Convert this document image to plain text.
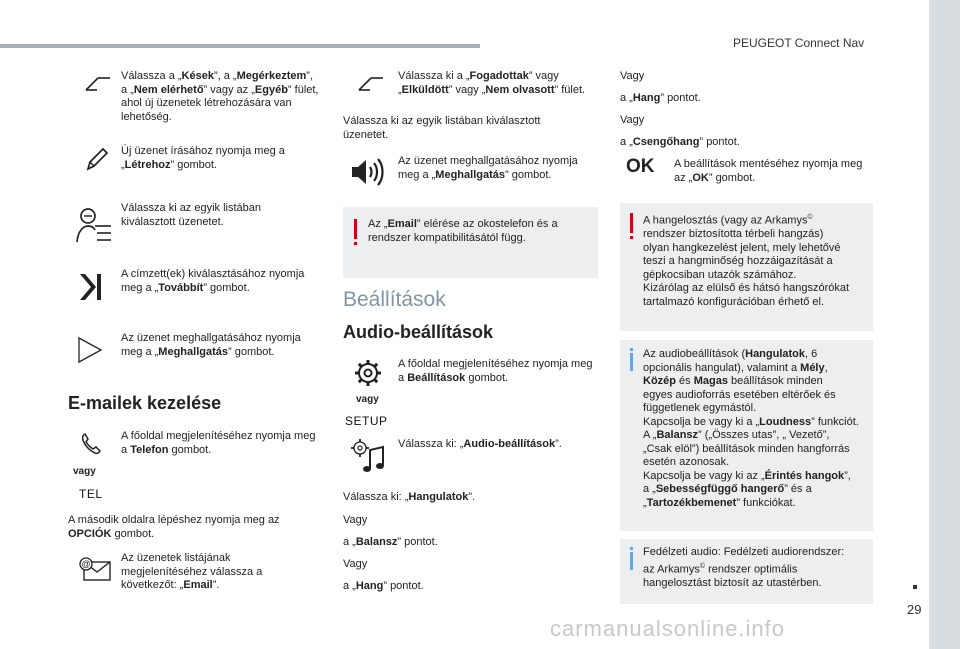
PEUGEOT Connect Nav
29
carmanualsonline.info
Válassza a „Kések”, a „Megérkeztem”, a „Nem elérhető” vagy az „Egyéb” fület, ahol új üzenetek létrehozására van lehetőség.
Új üzenet írásához nyomja meg a „Létrehoz” gombot.
Válassza ki az egyik listában kiválasztott üzenetet.
A címzett(ek) kiválasztásához nyomja meg a „Továbbít” gombot.
Az üzenet meghallgatásához nyomja meg a „Meghallgatás” gombot.
E-mailek kezelése
vagy
TEL
A főoldal megjelenítéséhez nyomja meg a Telefon gombot.
A második oldalra lépéshez nyomja meg az OPCIÓK gombot.
@	Az üzenetek listájának megjelenítéséhez válassza a következőt: „Email”.
Válassza ki a „Fogadottak” vagy „Elküldött” vagy „Nem olvasott” fület.
Válassza ki az egyik listában kiválasztott üzenetet.
Az üzenet meghallgatásához nyomja meg a „Meghallgatás” gombot.
Az „Email” elérése az okostelefon és a rendszer kompatibilitásától függ.
Beállítások
Audio-beállítások
vagy
SETUP
A főoldal megjelenítéséhez nyomja meg a Beállítások gombot.
Válassza ki: „Audio-beállítások”.
Válassza ki: „Hangulatok”.
Vagy
a „Balansz” pontot.
Vagy
a „Hang” pontot.
Vagy
a „Hang” pontot.
Vagy
a „Csengőhang” pontot.
OK A beállítások mentéséhez nyomja meg az „OK” gombot.
A hangelosztás (vagy az Arkamys©
rendszer biztosította térbeli hangzás)
olyan hangkezelést jelent, mely lehetővé
teszi a hangminőség hozzáigazítását a
gépkocsiban utazók számához.
Kizárólag az elülső és hátsó hangszórókat
tartalmazó konfigurációban érhető el.
Az audiobeállítások (Hangulatok, 6
opcionális hangulat), valamint a Mély,
Közép és Magas beállítások minden
egyes audioforrás esetében eltérőek és
függetlenek egymástól.
Kapcsolja be vagy ki a „Loudness” funkciót.
A „Balansz” („Összes utas”, „ Vezető”,
„Csak elöl”) beállítások minden hangforrás
esetén azonosak.
Kapcsolja be vagy ki az „Érintés hangok”,
a „Sebességfüggő hangerő” és a
„Tartozékbemenet” funkciókat.
Fedélzeti audio: Fedélzeti audiorendszer:
az Arkamys© rendszer optimális
hangelosztást biztosít az utastérben.
